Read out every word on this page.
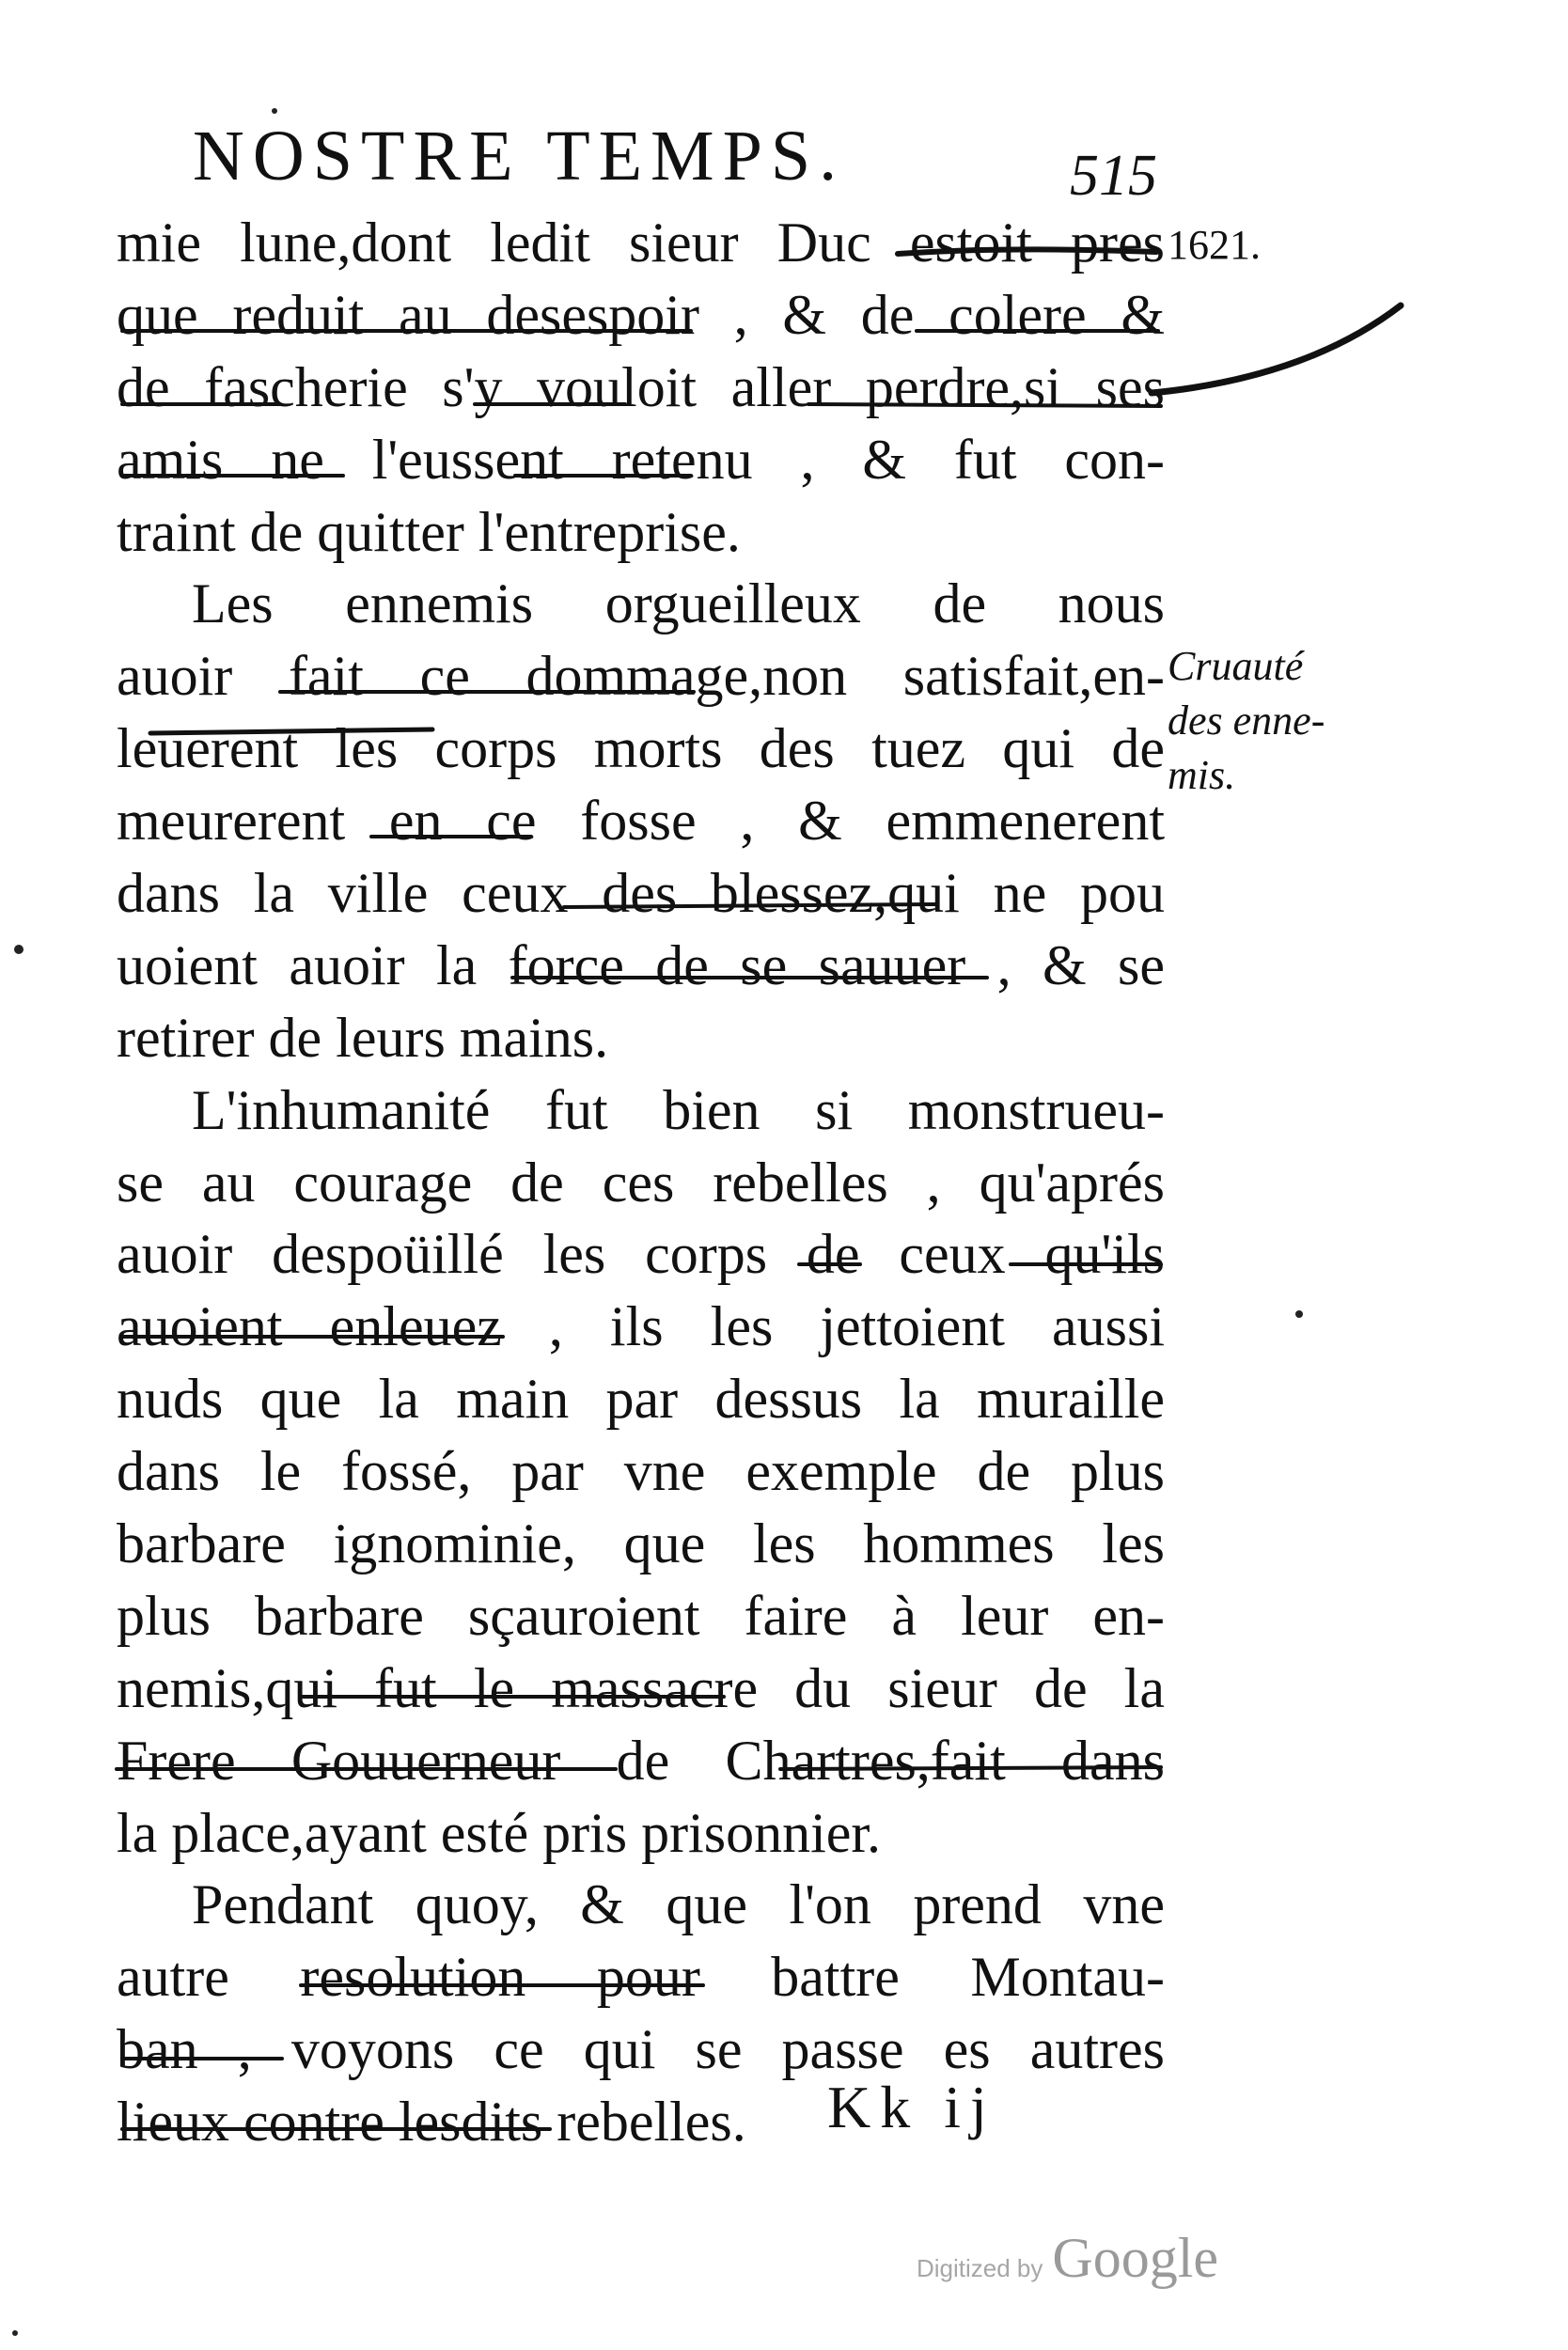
NOSTRE TEMPS.	515
1621.
Cruauté
des enne-
mis.
mie lune,dont ledit sieur Duc estoit pres
que reduit au desespoir , & de colere &
de fascherie s'y vouloit aller perdre,si ses
amis ne l'eussent retenu , & fut con-
traint de quitter l'entreprise.
Les ennemis orgueilleux de nous
auoir fait ce dommage,non satisfait,en-
leuerent les corps morts des tuez qui de
meurerent en ce fosse , & emmenerent
dans la ville ceux des blessez,qui ne pou
uoient auoir la force de se sauuer , & se
retirer de leurs mains.
L'inhumanité fut bien si monstrueu-
se au courage de ces rebelles , qu'aprés
auoir despoüillé les corps de ceux qu'ils
auoient enleuez , ils les jettoient aussi
nuds que la main par dessus la muraille
dans le fossé, par vne exemple de plus
barbare ignominie, que les hommes les
plus barbare sçauroient faire à leur en-
nemis,qui fut le massacre du sieur de la
Frere Gouuerneur de Chartres,fait dans
la place,ayant esté pris prisonnier.
Pendant quoy, & que l'on prend vne
autre resolution pour battre Montau-
ban , voyons ce qui se passe es autres
lieux contre lesdits rebelles.	Kk ij
Digitized by Google
